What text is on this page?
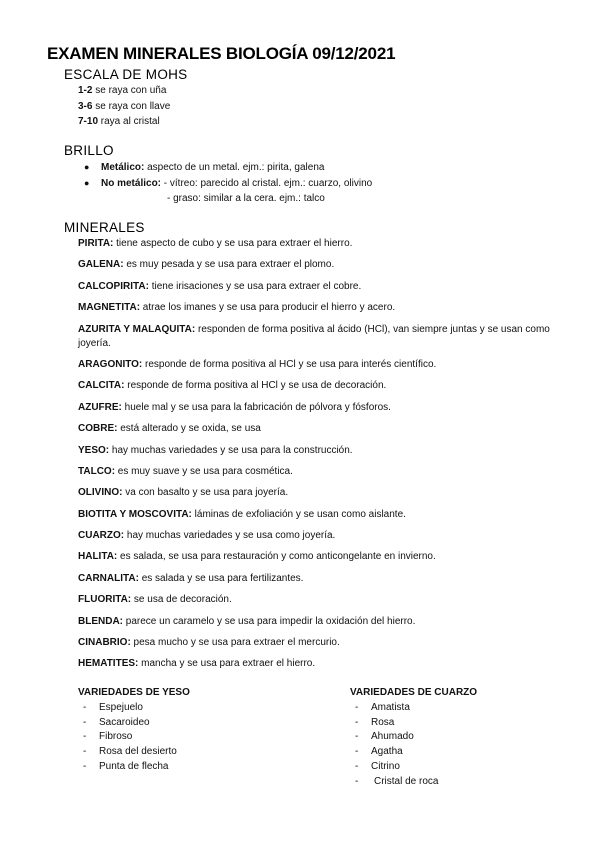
EXAMEN MINERALES BIOLOGÍA 09/12/2021
ESCALA DE MOHS
1-2 se raya con uña
3-6 se raya con llave
7-10 raya al cristal
BRILLO
● Metálico: aspecto de un metal. ejm.: pirita, galena
● No metálico: - vítreo: parecido al cristal. ejm.: cuarzo, olivino
- graso: similar a la cera. ejm.: talco
MINERALES
PIRITA: tiene aspecto de cubo y se usa para extraer el hierro.
GALENA: es muy pesada y se usa para extraer el plomo.
CALCOPIRITA: tiene irisaciones y se usa para extraer el cobre.
MAGNETITA: atrae los imanes y se usa para producir el hierro y acero.
AZURITA Y MALAQUITA: responden de forma positiva al ácido (HCl), van siempre juntas y se usan como joyería.
ARAGONITO: responde de forma positiva al HCl y se usa para interés científico.
CALCITA: responde de forma positiva al HCl y se usa de decoración.
AZUFRE: huele mal y se usa para la fabricación de pólvora y fósforos.
COBRE: está alterado y se oxida, se usa
YESO: hay muchas variedades y se usa para la construcción.
TALCO: es muy suave y se usa para cosmética.
OLIVINO: va con basalto y se usa para joyería.
BIOTITA Y MOSCOVITA: láminas de exfoliación y se usan como aislante.
CUARZO: hay muchas variedades y se usa como joyería.
HALITA: es salada, se usa para restauración y como anticongelante en invierno.
CARNALITA: es salada y se usa para fertilizantes.
FLUORITA: se usa de decoración.
BLENDA: parece un caramelo y se usa para impedir la oxidación del hierro.
CINABRIO: pesa mucho y se usa para extraer el mercurio.
HEMATITES: mancha y se usa para extraer el hierro.
VARIEDADES DE YESO
- Espejuelo
- Sacaroideo
- Fibroso
- Rosa del desierto
- Punta de flecha
VARIEDADES DE CUARZO
- Amatista
- Rosa
- Ahumado
- Agatha
- Citrino
- Cristal de roca
